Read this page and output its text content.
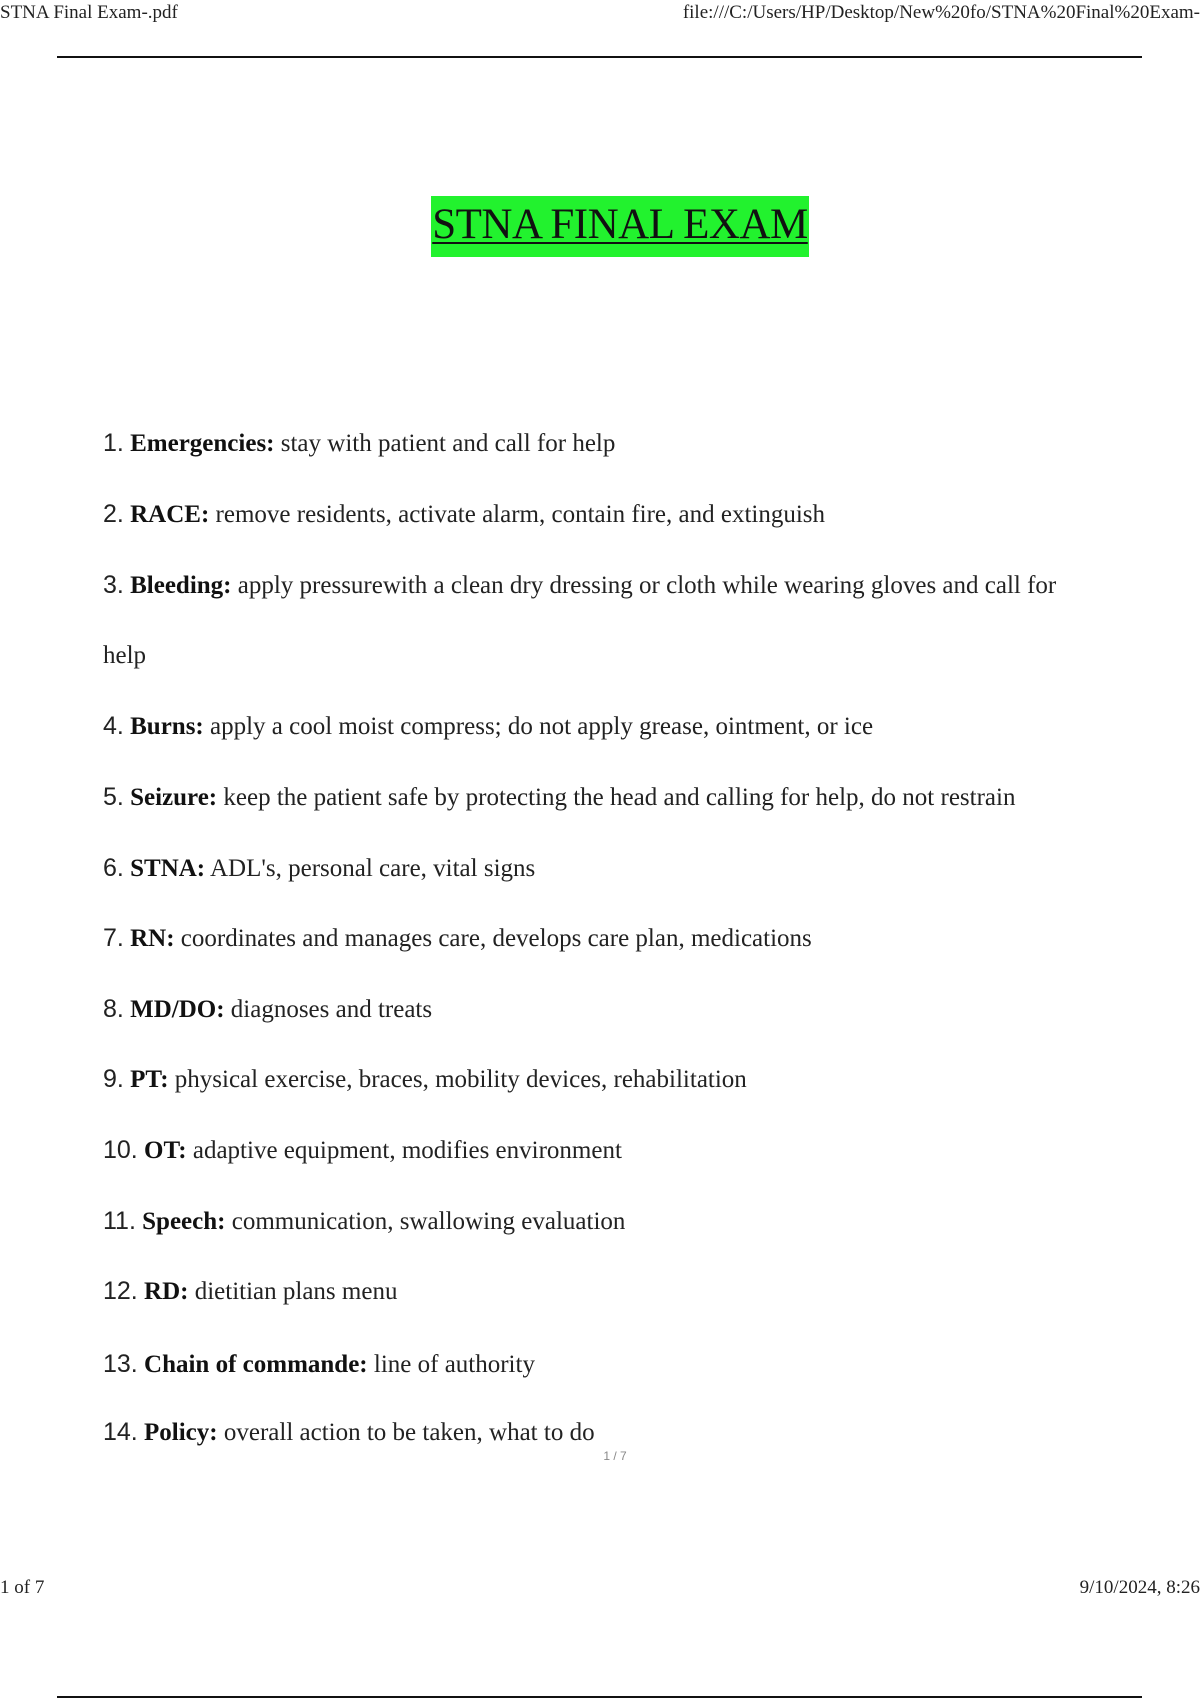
STNA Final Exam-.pdf	file:///C:/Users/HP/Desktop/New%20fo/STNA%20Final%20Exam-
STNA FINAL EXAM
1. Emergencies: stay with patient and call for help
2. RACE: remove residents, activate alarm, contain fire, and extinguish
3. Bleeding: apply pressurewith a clean dry dressing or cloth while wearing gloves and call for
help
4. Burns: apply a cool moist compress; do not apply grease, ointment, or ice
5. Seizure: keep the patient safe by protecting the head and calling for help, do not restrain
6. STNA: ADL's, personal care, vital signs
7. RN: coordinates and manages care, develops care plan, medications
8. MD/DO: diagnoses and treats
9. PT: physical exercise, braces, mobility devices, rehabilitation
10. OT: adaptive equipment, modifies environment
11. Speech: communication, swallowing evaluation
12. RD: dietitian plans menu
13. Chain of commande: line of authority
14. Policy: overall action to be taken, what to do
1 / 7
1 of 7	9/10/2024, 8:26
